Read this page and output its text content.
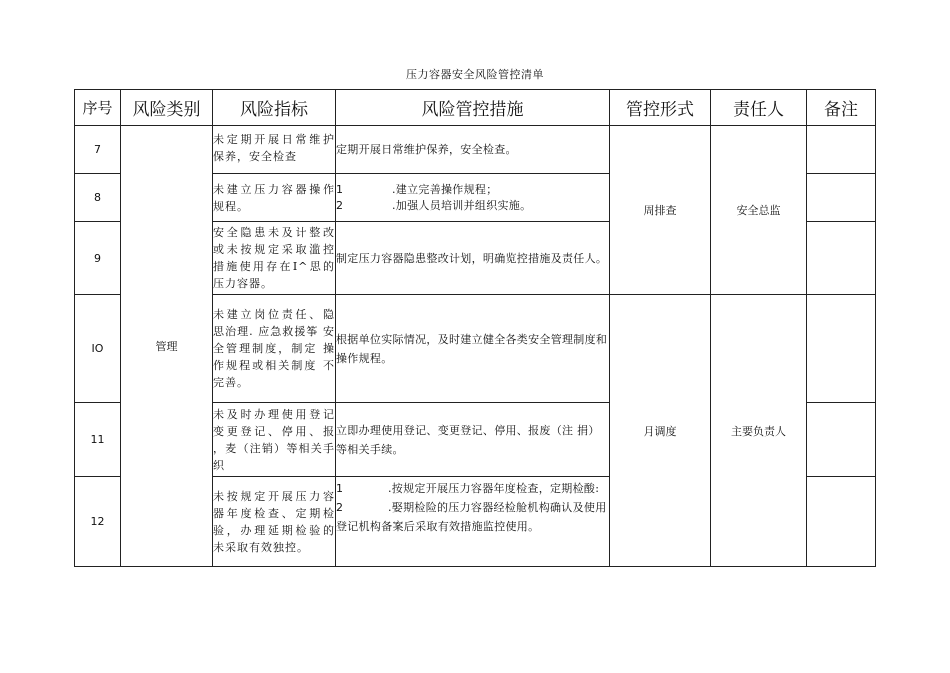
压力容器安全风险管控清单
序号	风险类别	风险指标	风险管控措施	管控形式	责任人	备注
7	管理	未定期开展日常维护 保养，安全检查	定期开展日常维护保养，安全检查。	周排查	安全总监	
8		未建立压力容器操作 规程。	1 .建立完善操作规程；
2 .加强人员培训并组织实施。			

9		安全隐患未及计整改 或未按规定采取滥控 措施使用存在I^思的 压力容器。	制定压力容器隐患整改计划，明确览控措施及责任人。			
IO		未建立岗位责任、隐 思治理. 应急救援筝 安全管理制度，制定 操作规程或相关制度 不完善。	根据单位实际情况，及时建立健全各类安全管理制度和操作规程。	月调度	主要负责人	
11		未及时办理使用登记 变更登记、停用、报 ，麦（注销）等相关手 织	立即办理使用登记、变更登记、停用、报废（注 捐）等相关手续。			
12		未按规定开展压力容 器年度检查、定期检 验，办理延期检验的 未采取有效独控。	1 .按规定开展压力容器年度检查，定期检酸:
2 .娶期检险的压力容器经检舱机构确认及使用 登记机构备案后采取有效措施监控使用。			
